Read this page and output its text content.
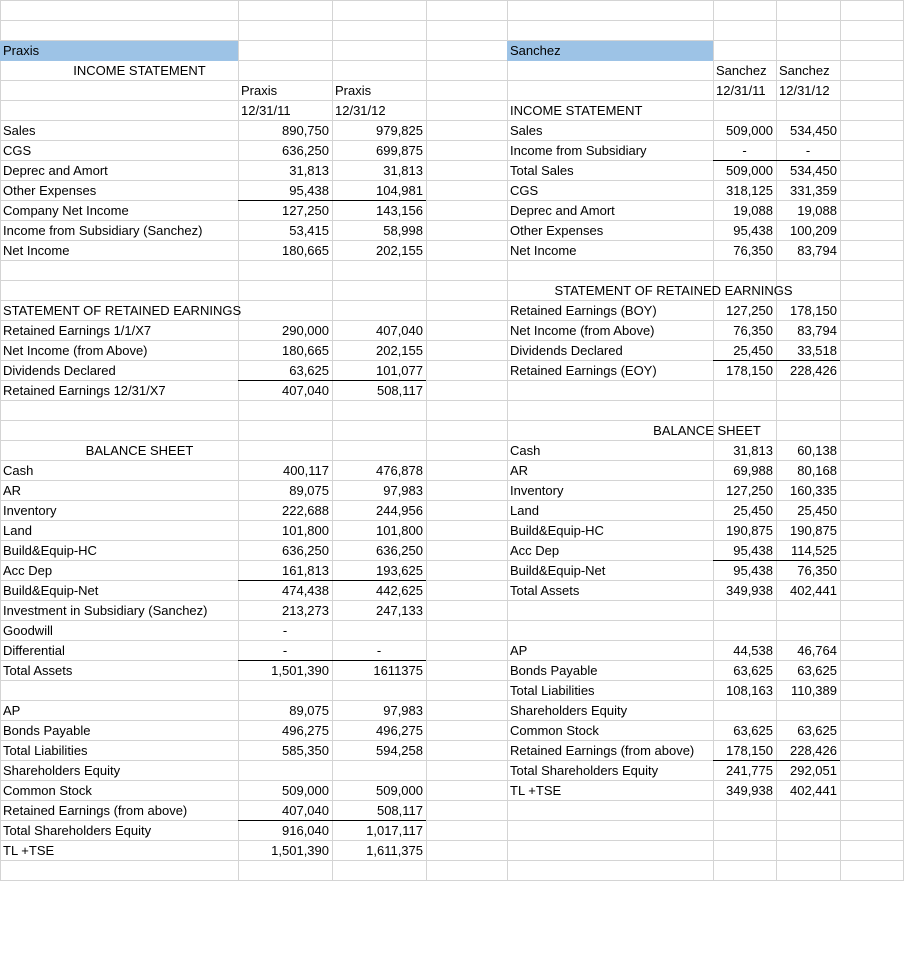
Praxis
INCOME STATEMENT
Praxis	Praxis
12/31/11	12/31/12
Sales	890,750	979,825
CGS	636,250	699,875
Deprec and Amort	31,813	31,813
Other Expenses	95,438	104,981
Company Net Income	127,250	143,156
Income from Subsidiary (Sanchez)	53,415	58,998
Net Income	180,665	202,155
STATEMENT OF RETAINED EARNINGS
Retained Earnings 1/1/X7	290,000	407,040
Net Income (from Above)	180,665	202,155
Dividends Declared	63,625	101,077
Retained Earnings 12/31/X7	407,040	508,117
BALANCE SHEET
Cash	400,117	476,878
AR	89,075	97,983
Inventory	222,688	244,956
Land	101,800	101,800
Build&Equip-HC	636,250	636,250
Acc Dep	161,813	193,625
Build&Equip-Net	474,438	442,625
Investment in Subsidiary (Sanchez)	213,273	247,133
Goodwill	-
Differential	-	-
Total Assets	1,501,390	1611375
AP	89,075	97,983
Bonds Payable	496,275	496,275
Total Liabilities	585,350	594,258
Shareholders Equity
Common Stock	509,000	509,000
Retained Earnings (from above)	407,040	508,117
Total Shareholders Equity	916,040	1,017,117
TL +TSE	1,501,390	1,611,375
Sanchez
Sanchez Sanchez
12/31/11	12/31/12
INCOME STATEMENT
Sales	509,000	534,450
Income from Subsidiary	-	-
Total Sales	509,000	534,450
CGS	318,125	331,359
Deprec and Amort	19,088	19,088
Other Expenses	95,438	100,209
Net Income	76,350	83,794
STATEMENT OF RETAINED EARNINGS
Retained Earnings (BOY)	127,250	178,150
Net Income (from Above)	76,350	83,794
Dividends Declared	25,450	33,518
Retained Earnings (EOY)	178,150	228,426
BALANCE SHEET
Cash	31,813	60,138
AR	69,988	80,168
Inventory	127,250	160,335
Land	25,450	25,450
Build&Equip-HC	190,875	190,875
Acc Dep	95,438	114,525
Build&Equip-Net	95,438	76,350
Total Assets	349,938	402,441
AP	44,538	46,764
Bonds Payable	63,625	63,625
Total Liabilities	108,163	110,389
Shareholders Equity
Common Stock	63,625	63,625
Retained Earnings (from above)	178,150	228,426
Total Shareholders Equity	241,775	292,051
TL +TSE	349,938	402,441
